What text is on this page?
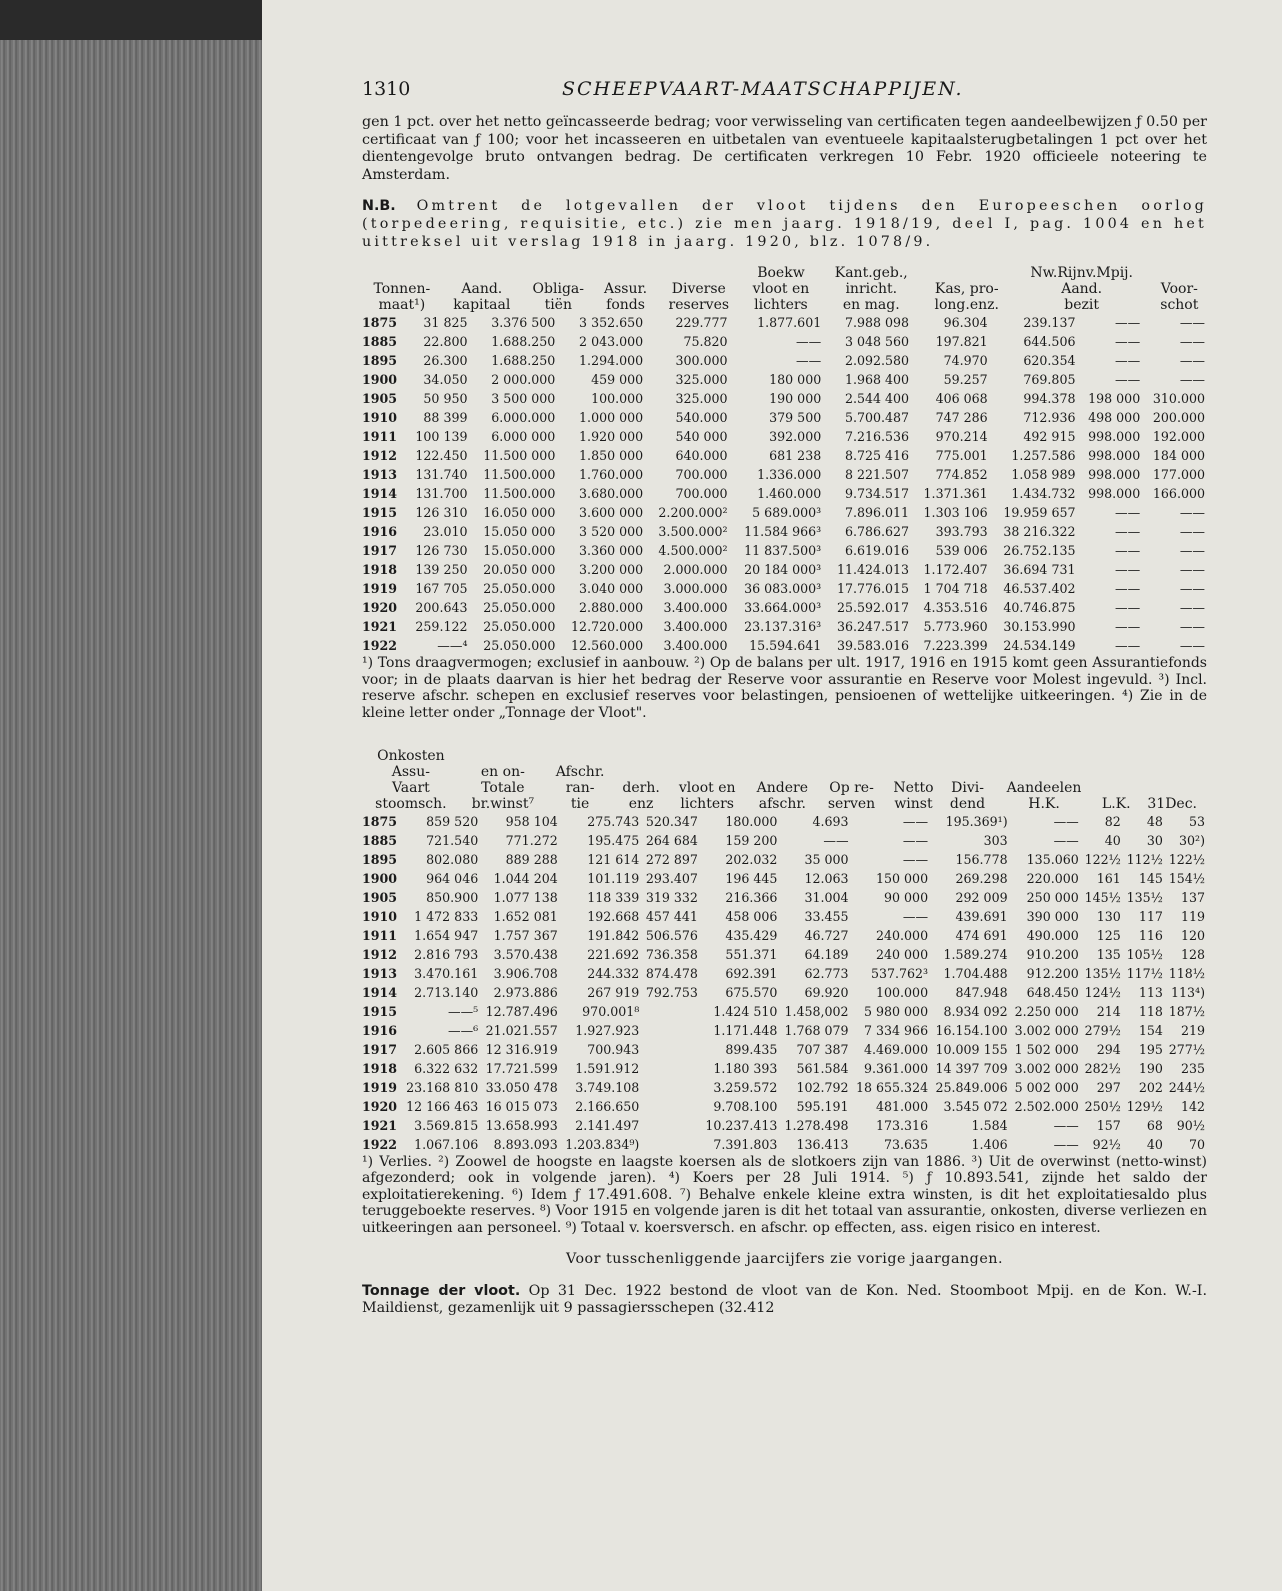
1310	SCHEEPVAART-MAATSCHAPPIJEN.

gen 1 pct. over het netto geïncasseerde bedrag; voor verwisseling van certificaten tegen aandeelbewijzen ƒ 0.50 per certificaat van ƒ 100; voor het incasseeren en uitbetalen van eventueele kapitaalsterugbetalingen 1 pct over het dientengevolge bruto ontvangen bedrag. De certificaten verkregen 10 Febr. 1920 officieele noteering te Amsterdam.

N.B. Omtrent de lotgevallen der vloot tijdens den Europeeschen oorlog (torpedeering, requisitie, etc.) zie men jaarg. 1918/19, deel I, pag. 1004 en het uittreksel uit verslag 1918 in jaarg. 1920, blz. 1078/9.

					Boekw	Kant.geb.,		Nw.Rijnv.Mpij.	
Tonnen-	Aand.	Obliga-	Assur.	Diverse	vloot en	inricht.	Kas, pro-	Aand.	Voor-
maat¹)	kapitaal	tiën	fonds	reserves	lichters	en mag.	long.enz.	bezit	schot
1875	31 825	3.376 500	3 352.650	229.777	1.877.601	7.988 098	96.304	239.137	——	——
1885	22.800	1.688.250	2 043.000	75.820	——	3 048 560	197.821	644.506	——	——
1895	26.300	1.688.250	1.294.000	300.000	——	2.092.580	74.970	620.354	——	——
1900	34.050	2 000.000	459 000	325.000	180 000	1.968 400	59.257	769.805	——	——
1905	50 950	3 500 000	100.000	325.000	190 000	2.544 400	406 068	994.378	198 000	310.000
1910	88 399	6.000.000	1.000 000	540.000	379 500	5.700.487	747 286	712.936	498 000	200.000
1911	100 139	6.000 000	1.920 000	540 000	392.000	7.216.536	970.214	492 915	998.000	192.000
1912	122.450	11.500 000	1.850 000	640.000	681 238	8.725 416	775.001	1.257.586	998.000	184 000
1913	131.740	11.500.000	1.760.000	700.000	1.336.000	8 221.507	774.852	1.058 989	998.000	177.000
1914	131.700	11.500.000	3.680.000	700.000	1.460.000	9.734.517	1.371.361	1.434.732	998.000	166.000
1915	126 310	16.050 000	3.600 000	2.200.000²	5 689.000³	7.896.011	1.303 106	19.959 657	——	——
1916	23.010	15.050 000	3 520 000	3.500.000²	11.584 966³	6.786.627	393.793	38 216.322	——	——
1917	126 730	15.050.000	3.360 000	4.500.000²	11 837.500³	6.619.016	539 006	26.752.135	——	——
1918	139 250	20.050 000	3.200 000	2.000.000	20 184 000³	11.424.013	1.172.407	36.694 731	——	——
1919	167 705	25.050.000	3.040 000	3.000.000	36 083.000³	17.776.015	1 704 718	46.537.402	——	——
1920	200.643	25.050.000	2.880.000	3.400.000	33.664.000³	25.592.017	4.353.516	40.746.875	——	——
1921	259.122	25.050.000	12.720.000	3.400.000	23.137.316³	36.247.517	5.773.960	30.153.990	——	——
1922	——⁴	25.050.000	12.560.000	3.400.000	15.594.641	39.583.016	7.223.399	24.534.149	——	——

¹) Tons draagvermogen; exclusief in aanbouw. ²) Op de balans per ult. 1917, 1916 en 1915 komt geen Assurantiefonds voor; in de plaats daarvan is hier het bedrag der Reserve voor assurantie en Reserve voor Molest ingevuld. ³) Incl. reserve afschr. schepen en exclusief reserves voor belastingen, pensioenen of wettelijke uitkeeringen. ⁴) Zie in de kleine letter onder „Tonnage der Vloot".

Onkosten											
Assu-	en on-	Afschr.									
Vaart	Totale	ran-	derh.	vloot en	Andere	Op re-	Netto	Divi-	Aandeelen		
stoomsch.	br.winst⁷	tie	enz	lichters	afschr.	serven	winst	dend	H.K.	L.K.	31Dec.
1875	859 520	958 104	275.743	520.347	180.000	4.693	——	195.369¹)	——	82	48	53
1885	721.540	771.272	195.475	264 684	159 200	——	——	303	——	40	30	30²)
1895	802.080	889 288	121 614	272 897	202.032	35 000	——	156.778	135.060	122½	112½	122½
1900	964 046	1.044 204	101.119	293.407	196 445	12.063	150 000	269.298	220.000	161	145	154½
1905	850.900	1.077 138	118 339	319 332	216.366	31.004	90 000	292 009	250 000	145½	135½	137
1910	1 472 833	1.652 081	192.668	457 441	458 006	33.455	——	439.691	390 000	130	117	119
1911	1.654 947	1.757 367	191.842	506.576	435.429	46.727	240.000	474 691	490.000	125	116	120
1912	2.816 793	3.570.438	221.692	736.358	551.371	64.189	240 000	1.589.274	910.200	135	105½	128
1913	3.470.161	3.906.708	244.332	874.478	692.391	62.773	537.762³	1.704.488	912.200	135½	117½	118½
1914	2.713.140	2.973.886	267 919	792.753	675.570	69.920	100.000	847.948	648.450	124½	113	113⁴)
1915	——⁵	12.787.496	970.001⁸		1.424 510	1.458,002	5 980 000	8.934 092	2.250 000	214	118	187½
1916	——⁶	21.021.557	1.927.923		1.171.448	1.768 079	7 334 966	16.154.100	3.002 000	279½	154	219
1917	2.605 866	12 316.919	700.943		899.435	707 387	4.469.000	10.009 155	1 502 000	294	195	277½
1918	6.322 632	17.721.599	1.591.912		1.180 393	561.584	9.361.000	14 397 709	3.002 000	282½	190	235
1919	23.168 810	33.050 478	3.749.108		3.259.572	102.792	18 655.324	25.849.006	5 002 000	297	202	244½
1920	12 166 463	16 015 073	2.166.650		9.708.100	595.191	481.000	3.545 072	2.502.000	250½	129½	142
1921	3.569.815	13.658.993	2.141.497		10.237.413	1.278.498	173.316	1.584	——	157	68	90½
1922	1.067.106	8.893.093	1.203.834⁹)		7.391.803	136.413	73.635	1.406	——	92½	40	70

¹) Verlies. ²) Zoowel de hoogste en laagste koersen als de slotkoers zijn van 1886. ³) Uit de overwinst (netto-winst) afgezonderd; ook in volgende jaren). ⁴) Koers per 28 Juli 1914. ⁵) ƒ 10.893.541, zijnde het saldo der exploitatierekening. ⁶) Idem ƒ 17.491.608. ⁷) Behalve enkele kleine extra winsten, is dit het exploitatiesaldo plus teruggeboekte reserves. ⁸) Voor 1915 en volgende jaren is dit het totaal van assurantie, onkosten, diverse verliezen en uitkeeringen aan personeel. ⁹) Totaal v. koersversch. en afschr. op effecten, ass. eigen risico en interest.

Voor tusschenliggende jaarcijfers zie vorige jaargangen.

Tonnage der vloot. Op 31 Dec. 1922 bestond de vloot van de Kon. Ned. Stoomboot Mpij. en de Kon. W.-I. Maildienst, gezamenlijk uit 9 passagiersschepen (32.412
